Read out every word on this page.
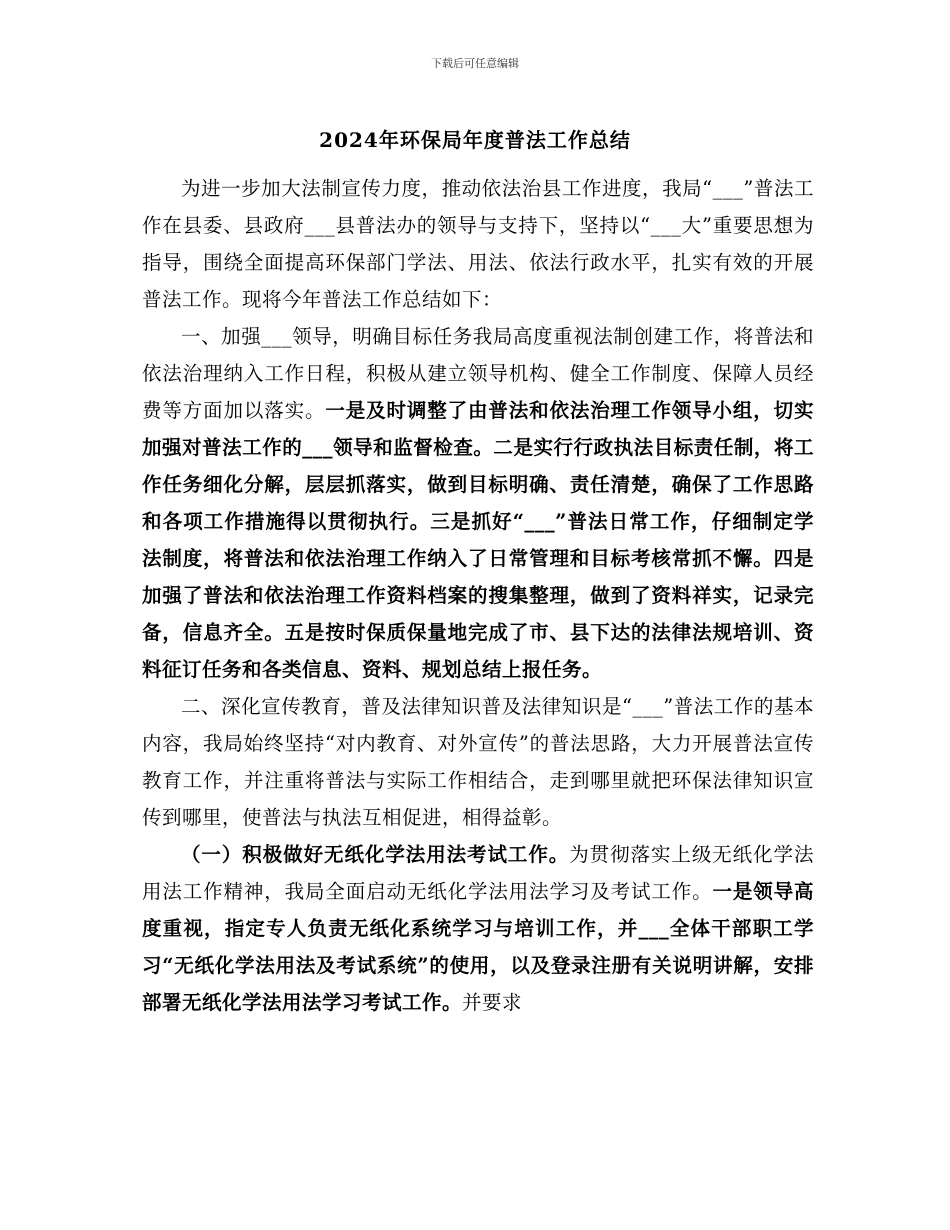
下载后可任意编辑
2024年环保局年度普法工作总结

为进一步加大法制宣传力度，推动依法治县工作进度，我局“___”普法工作在县委、县政府___县普法办的领导与支持下，坚持以“___大”重要思想为指导，围绕全面提高环保部门学法、用法、依法行政水平，扎实有效的开展普法工作。现将今年普法工作总结如下：

一、加强___领导，明确目标任务我局高度重视法制创建工作，将普法和依法治理纳入工作日程，积极从建立领导机构、健全工作制度、保障人员经费等方面加以落实。一是及时调整了由普法和依法治理工作领导小组，切实加强对普法工作的___领导和监督检查。二是实行行政执法目标责任制，将工作任务细化分解，层层抓落实，做到目标明确、责任清楚，确保了工作思路和各项工作措施得以贯彻执行。三是抓好“___”普法日常工作，仔细制定学法制度，将普法和依法治理工作纳入了日常管理和目标考核常抓不懈。四是加强了普法和依法治理工作资料档案的搜集整理，做到了资料祥实，记录完备，信息齐全。五是按时保质保量地完成了市、县下达的法律法规培训、资料征订任务和各类信息、资料、规划总结上报任务。

二、深化宣传教育，普及法律知识普及法律知识是“___”普法工作的基本内容，我局始终坚持“对内教育、对外宣传”的普法思路，大力开展普法宣传教育工作，并注重将普法与实际工作相结合，走到哪里就把环保法律知识宣传到哪里，使普法与执法互相促进，相得益彰。

（一）积极做好无纸化学法用法考试工作。为贯彻落实上级无纸化学法用法工作精神，我局全面启动无纸化学法用法学习及考试工作。一是领导高度重视，指定专人负责无纸化系统学习与培训工作，并___全体干部职工学习“无纸化学法用法及考试系统”的使用，以及登录注册有关说明讲解，安排部署无纸化学法用法学习考试工作。并要求
